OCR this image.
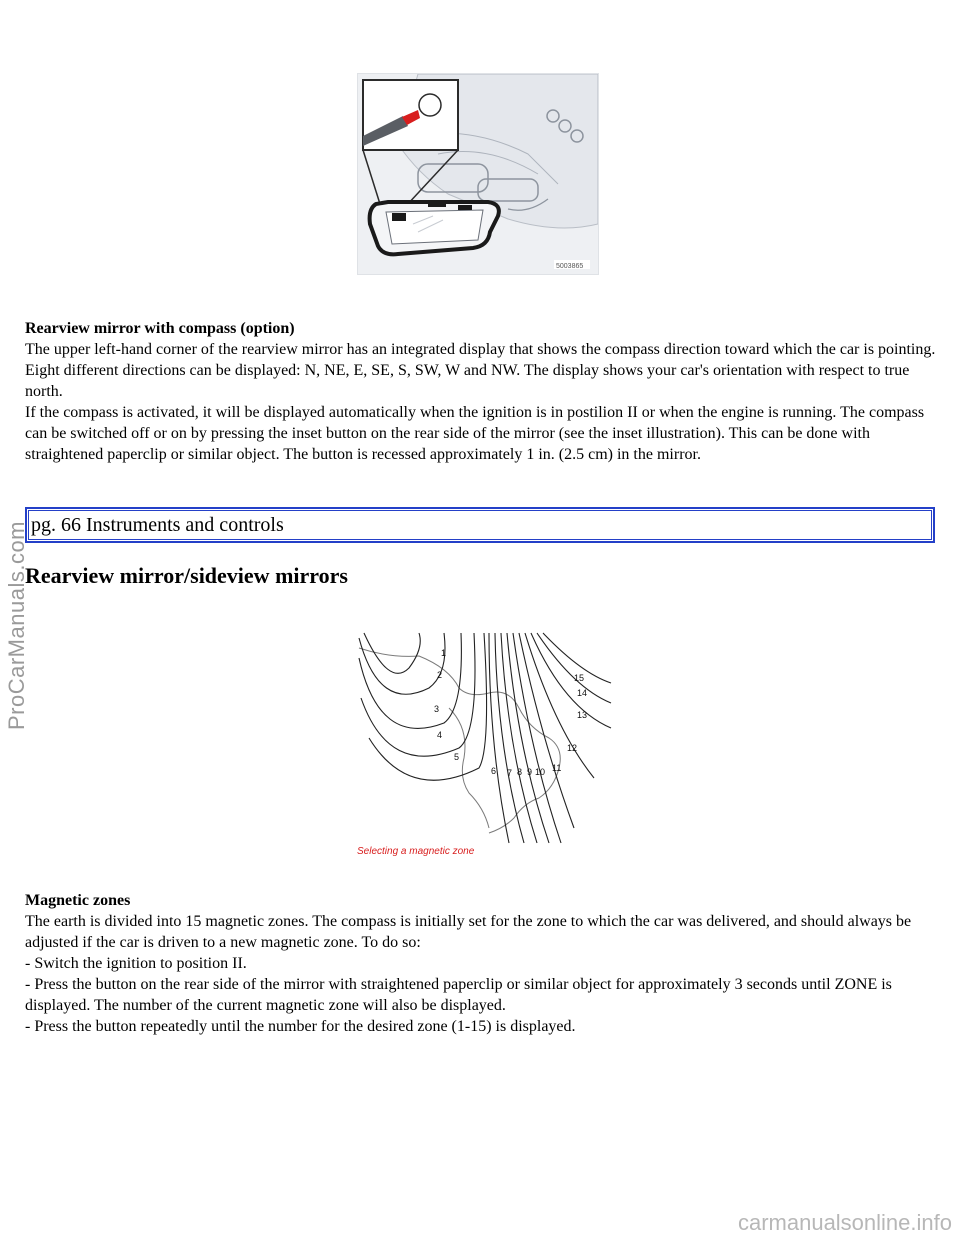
5003865
Rearview mirror with compass (option)

The upper left-hand corner of the rearview mirror has an integrated display that shows the compass direction toward which the car is pointing. Eight different directions can be displayed: N, NE, E, SE, S, SW, W and NW. The display shows your car's orientation with respect to true north.

If the compass is activated, it will be displayed automatically when the ignition is in postilion II or when the engine is running. The compass can be switched off or on by pressing the inset button on the rear side of the mirror (see the inset illustration). This can be done with straightened paperclip or similar object. The button is recessed approximately 1 in. (2.5 cm) in the mirror.

pg. 66 Instruments and controls
Rearview mirror/sideview mirrors
1
2
3
4
5
6 7 8 9 10 11
12
13
14
15
Selecting a magnetic zone
Magnetic zones

The earth is divided into 15 magnetic zones. The compass is initially set for the zone to which the car was delivered, and should always be adjusted if the car is driven to a new magnetic zone. To do so:

- Switch the ignition to position II.

- Press the button on the rear side of the mirror with straightened paperclip or similar object for approximately 3 seconds until ZONE is displayed. The number of the current magnetic zone will also be displayed.

- Press the button repeatedly until the number for the desired zone (1-15) is displayed.

ProCarManuals.com
carmanualsonline.info
